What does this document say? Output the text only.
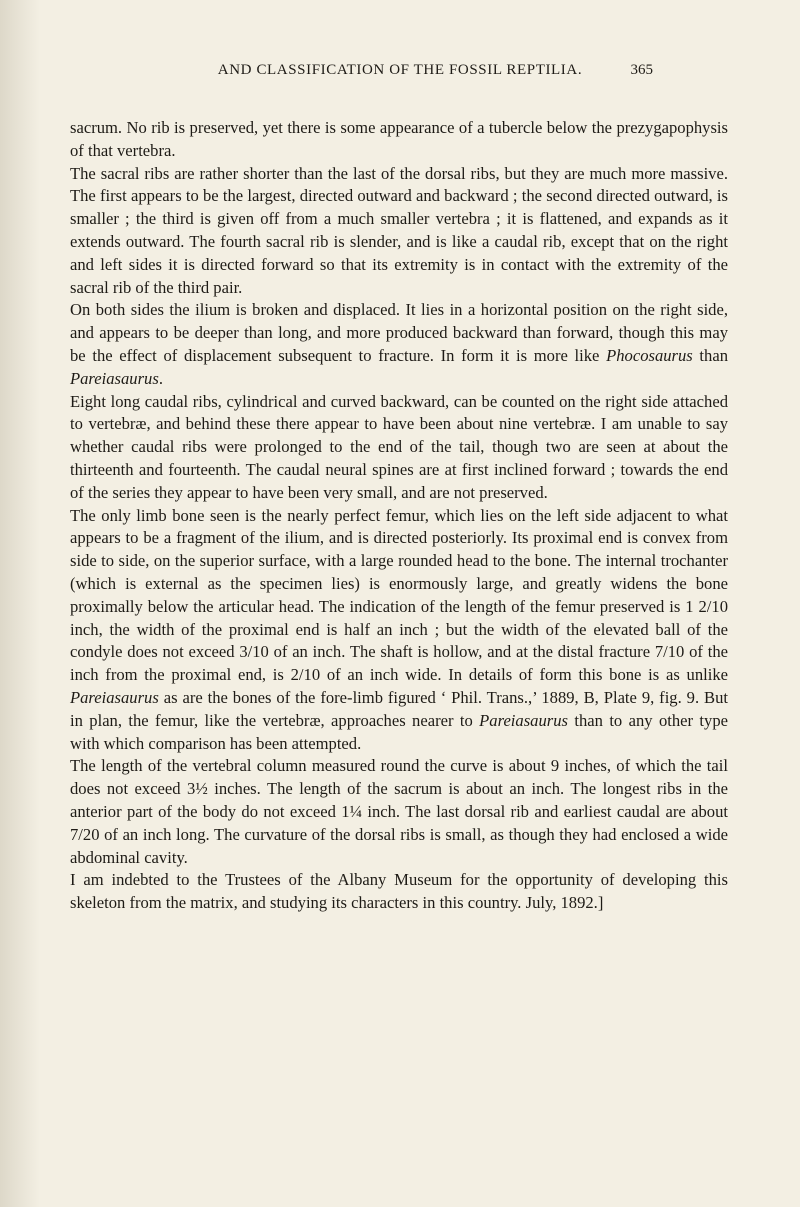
AND CLASSIFICATION OF THE FOSSIL REPTILIA.	365

sacrum. No rib is preserved, yet there is some appearance of a tubercle below the prezygapophysis of that vertebra.

The sacral ribs are rather shorter than the last of the dorsal ribs, but they are much more massive. The first appears to be the largest, directed outward and backward ; the second directed outward, is smaller ; the third is given off from a much smaller vertebra ; it is flattened, and expands as it extends outward. The fourth sacral rib is slender, and is like a caudal rib, except that on the right and left sides it is directed forward so that its extremity is in contact with the extremity of the sacral rib of the third pair.

On both sides the ilium is broken and displaced. It lies in a horizontal position on the right side, and appears to be deeper than long, and more produced backward than forward, though this may be the effect of displacement subsequent to fracture. In form it is more like Phocosaurus than Pareiasaurus.

Eight long caudal ribs, cylindrical and curved backward, can be counted on the right side attached to vertebræ, and behind these there appear to have been about nine vertebræ. I am unable to say whether caudal ribs were prolonged to the end of the tail, though two are seen at about the thirteenth and fourteenth. The caudal neural spines are at first inclined forward ; towards the end of the series they appear to have been very small, and are not preserved.

The only limb bone seen is the nearly perfect femur, which lies on the left side adjacent to what appears to be a fragment of the ilium, and is directed posteriorly. Its proximal end is convex from side to side, on the superior surface, with a large rounded head to the bone. The internal trochanter (which is external as the specimen lies) is enormously large, and greatly widens the bone proximally below the articular head. The indication of the length of the femur preserved is 1 2/10 inch, the width of the proximal end is half an inch ; but the width of the elevated ball of the condyle does not exceed 3/10 of an inch. The shaft is hollow, and at the distal fracture 7/10 of the inch from the proximal end, is 2/10 of an inch wide. In details of form this bone is as unlike Pareiasaurus as are the bones of the fore-limb figured ‘ Phil. Trans.,’ 1889, B, Plate 9, fig. 9. But in plan, the femur, like the vertebræ, approaches nearer to Pareiasaurus than to any other type with which comparison has been attempted.

The length of the vertebral column measured round the curve is about 9 inches, of which the tail does not exceed 3½ inches. The length of the sacrum is about an inch. The longest ribs in the anterior part of the body do not exceed 1¼ inch. The last dorsal rib and earliest caudal are about 7/20 of an inch long. The curvature of the dorsal ribs is small, as though they had enclosed a wide abdominal cavity.

I am indebted to the Trustees of the Albany Museum for the opportunity of developing this skeleton from the matrix, and studying its characters in this country. July, 1892.]
